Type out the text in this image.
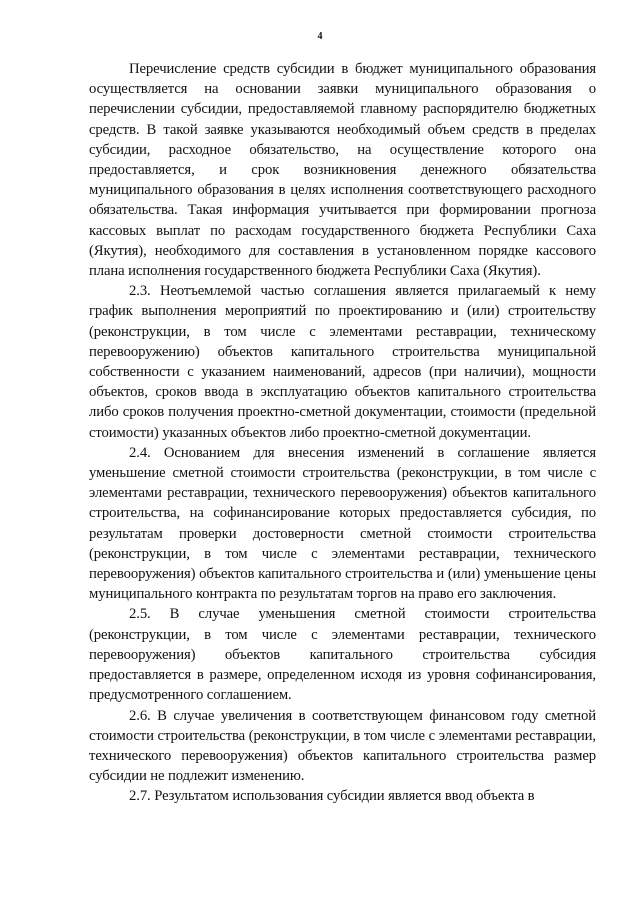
4

Перечисление средств субсидии в бюджет муниципального образования осуществляется на основании заявки муниципального образования о перечислении субсидии, предоставляемой главному распорядителю бюджетных средств. В такой заявке указываются необходимый объем средств в пределах субсидии, расходное обязательство, на осуществление которого она предоставляется, и срок возникновения денежного обязательства муниципального образования в целях исполнения соответствующего расходного обязательства. Такая информация учитывается при формировании прогноза кассовых выплат по расходам государственного бюджета Республики Саха (Якутия), необходимого для составления в установленном порядке кассового плана исполнения государственного бюджета Республики Саха (Якутия).

2.3. Неотъемлемой частью соглашения является прилагаемый к нему график выполнения мероприятий по проектированию и (или) строительству (реконструкции, в том числе с элементами реставрации, техническому перевооружению) объектов капитального строительства муниципальной собственности с указанием наименований, адресов (при наличии), мощности объектов, сроков ввода в эксплуатацию объектов капитального строительства либо сроков получения проектно-сметной документации, стоимости (предельной стоимости) указанных объектов либо проектно-сметной документации.

2.4. Основанием для внесения изменений в соглашение является уменьшение сметной стоимости строительства (реконструкции, в том числе с элементами реставрации, технического перевооружения) объектов капитального строительства, на софинансирование которых предоставляется субсидия, по результатам проверки достоверности сметной стоимости строительства (реконструкции, в том числе с элементами реставрации, технического перевооружения) объектов капитального строительства и (или) уменьшение цены муниципального контракта по результатам торгов на право его заключения.

2.5. В случае уменьшения сметной стоимости строительства (реконструкции, в том числе с элементами реставрации, технического перевооружения) объектов капитального строительства субсидия предоставляется в размере, определенном исходя из уровня софинансирования, предусмотренного соглашением.

2.6. В случае увеличения в соответствующем финансовом году сметной стоимости строительства (реконструкции, в том числе с элементами реставрации, технического перевооружения) объектов капитального строительства размер субсидии не подлежит изменению.

2.7. Результатом использования субсидии является ввод объекта в
